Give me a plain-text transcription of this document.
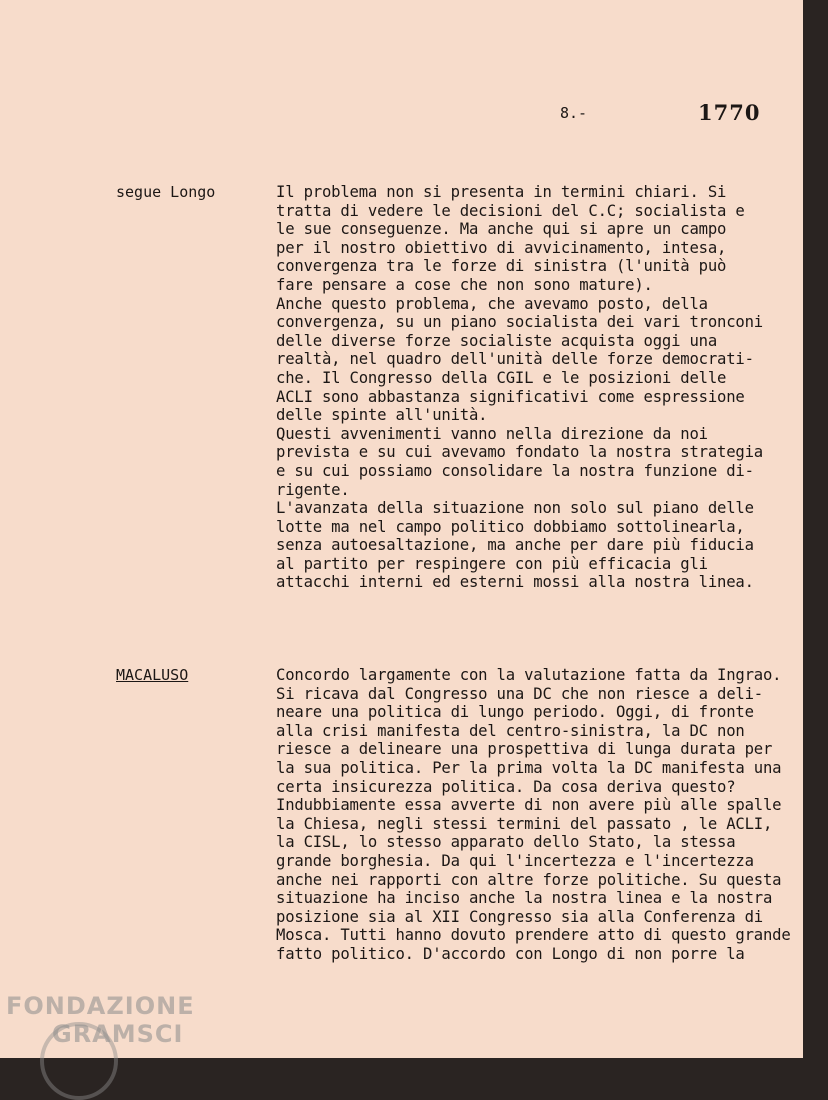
8.-	1770
segue Longo	Il problema non si presenta in termini chiari. Si
tratta di vedere le decisioni del C.C; socialista e
le sue conseguenze. Ma anche qui si apre un campo
per il nostro obiettivo di avvicinamento, intesa,
convergenza tra le forze di sinistra (l'unità può
fare pensare a cose che non sono mature).
Anche questo problema, che avevamo posto, della
convergenza, su un piano socialista dei vari tronconi
delle diverse forze socialiste acquista oggi una
realtà, nel quadro dell'unità delle forze democrati-
che. Il Congresso della CGIL e le posizioni delle
ACLI sono abbastanza significativi come espressione
delle spinte all'unità.
Questi avvenimenti vanno nella direzione da noi
prevista e su cui avevamo fondato la nostra strategia
e su cui possiamo consolidare la nostra funzione di-
rigente.
L'avanzata della situazione non solo sul piano delle
lotte ma nel campo politico dobbiamo sottolinearla,
senza autoesaltazione, ma anche per dare più fiducia
al partito per respingere con più efficacia gli
attacchi interni ed esterni mossi alla nostra linea.
MACALUSO	Concordo largamente con la valutazione fatta da Ingrao.
Si ricava dal Congresso una DC che non riesce a deli-
neare una politica di lungo periodo. Oggi, di fronte
alla crisi manifesta del centro-sinistra, la DC non
riesce a delineare una prospettiva di lunga durata per
la sua politica. Per la prima volta la DC manifesta una
certa insicurezza politica. Da cosa deriva questo?
Indubbiamente essa avverte di non avere più alle spalle
la Chiesa, negli stessi termini del passato , le ACLI,
la CISL, lo stesso apparato dello Stato, la stessa
grande borghesia. Da qui l'incertezza e l'incertezza
anche nei rapporti con altre forze politiche. Su questa
situazione ha inciso anche la nostra linea e la nostra
posizione sia al XII Congresso sia alla Conferenza di
Mosca. Tutti hanno dovuto prendere atto di questo grande
fatto politico. D'accordo con Longo di non porre la
FONDAZIONE
GRAMSCI
